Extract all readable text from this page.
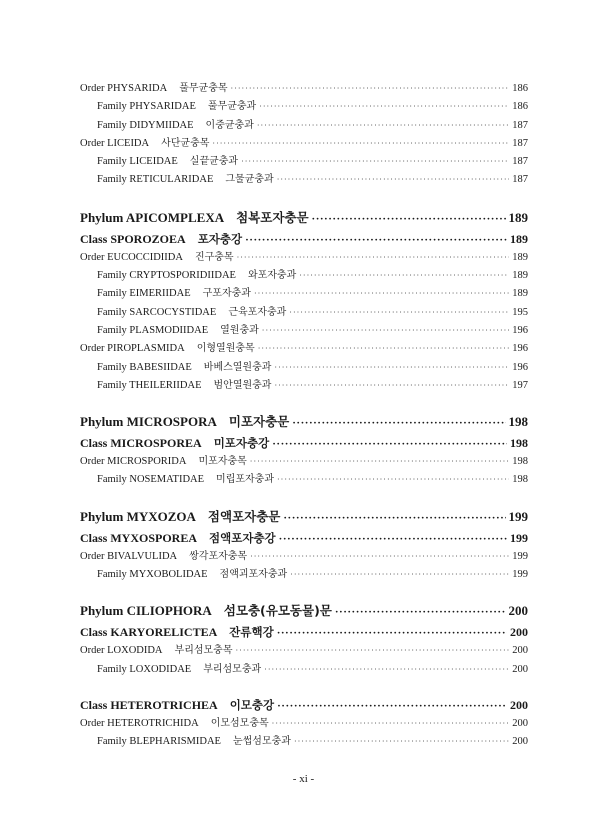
Order PHYSARIDA 풀무균충목 ·····	186
Family PHYSARIDAE 풀무균충과 ·····	186
Family DIDYMIIDAE 이중균충과 ·····	187
Order LICEIDA 사단균충목 ·····	187
Family LICEIDAE 실끝균충과 ·····	187
Family RETICULARIDAE 그물균충과 ·····	187
Phylum APICOMPLEXA 첨복포자충문 ·····	189
Class SPOROZOEA 포자충강 ·····	189
Order EUCOCCIDIIDA 진구충목 ·····	189
Family CRYPTOSPORIDIIDAE 와포자충과 ·····	189
Family EIMERIIDAE 구포자충과 ·····	189
Family SARCOCYSTIDAE 근육포자충과 ·····	195
Family PLASMODIIDAE 열원충과 ·····	196
Order PIROPLASMIDA 이형열원충목 ·····	196
Family BABESIIDAE 바베스열원충과 ·····	196
Family THEILERIIDAE 범안열원충과 ·····	197
Phylum MICROSPORA 미포자충문 ·····	198
Class MICROSPOREA 미포자충강 ·····	198
Order MICROSPORIDA 미포자충목 ·····	198
Family NOSEMATIDAE 미립포자충과 ·····	198
Phylum MYXOZOA 점액포자충문 ·····	199
Class MYXOSPOREA 점액포자충강 ·····	199
Order BIVALVULIDA 쌍각포자충목 ·····	199
Family MYXOBOLIDAE 점액괴포자충과 ·····	199
Phylum CILIOPHORA 섬모충(유모동물)문 ·····	200
Class KARYORELICTEA 잔류핵강 ·····	200
Order LOXODIDA 부리섬모충목 ·····	200
Family LOXODIDAE 부리섬모충과 ·····	200
Class HETEROTRICHEA 이모충강 ·····	200
Order HETEROTRICHIDA 이모섬모충목 ·····	200
Family BLEPHARISMIDAE 눈썹섬모충과 ·····	200
- xi -
